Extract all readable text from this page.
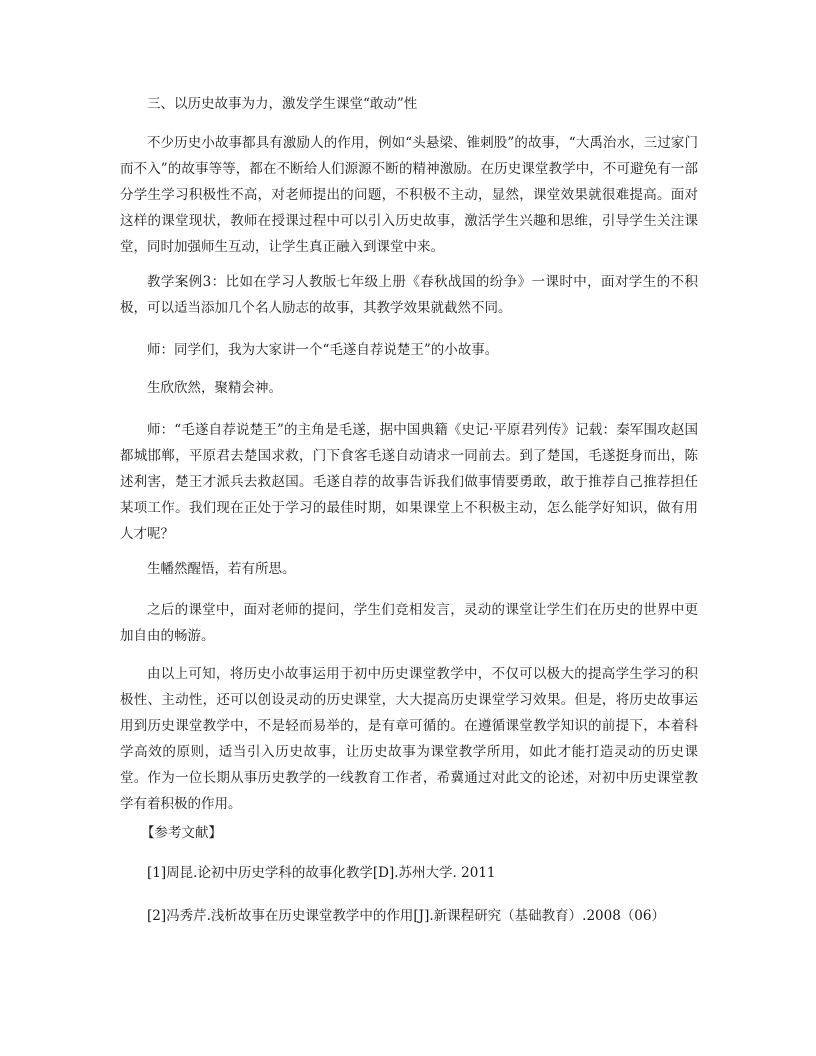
三、以历史故事为力，激发学生课堂“敢动”性

不少历史小故事都具有激励人的作用，例如“头悬梁、锥刺股”的故事，“大禹治水，三过家门而不入”的故事等等，都在不断给人们源源不断的精神激励。在历史课堂教学中，不可避免有一部分学生学习积极性不高，对老师提出的问题，不积极不主动，显然，课堂效果就很难提高。面对这样的课堂现状，教师在授课过程中可以引入历史故事，激活学生兴趣和思维，引导学生关注课堂，同时加强师生互动，让学生真正融入到课堂中来。

教学案例3：比如在学习人教版七年级上册《春秋战国的纷争》一课时中，面对学生的不积极，可以适当添加几个名人励志的故事，其教学效果就截然不同。

师：同学们，我为大家讲一个“毛遂自荐说楚王”的小故事。

生欣欣然，聚精会神。

师：“毛遂自荐说楚王”的主角是毛遂，据中国典籍《史记·平原君列传》记载：秦军围攻赵国都城邯郸，平原君去楚国求救，门下食客毛遂自动请求一同前去。到了楚国，毛遂挺身而出，陈述利害，楚王才派兵去救赵国。毛遂自荐的故事告诉我们做事情要勇敢，敢于推荐自己推荐担任某项工作。我们现在正处于学习的最佳时期，如果课堂上不积极主动，怎么能学好知识，做有用人才呢？

生幡然醒悟，若有所思。

之后的课堂中，面对老师的提问，学生们竞相发言，灵动的课堂让学生们在历史的世界中更加自由的畅游。

由以上可知，将历史小故事运用于初中历史课堂教学中，不仅可以极大的提高学生学习的积极性、主动性，还可以创设灵动的历史课堂，大大提高历史课堂学习效果。但是，将历史故事运用到历史课堂教学中，不是轻而易举的，是有章可循的。在遵循课堂教学知识的前提下，本着科学高效的原则，适当引入历史故事，让历史故事为课堂教学所用，如此才能打造灵动的历史课堂。作为一位长期从事历史教学的一线教育工作者，希冀通过对此文的论述，对初中历史课堂教学有着积极的作用。

【参考文献】

[1]周昆.论初中历史学科的故事化教学[D].苏州大学. 2011

[2]冯秀芹.浅析故事在历史课堂教学中的作用[J].新课程研究（基础教育）.2008（06）
